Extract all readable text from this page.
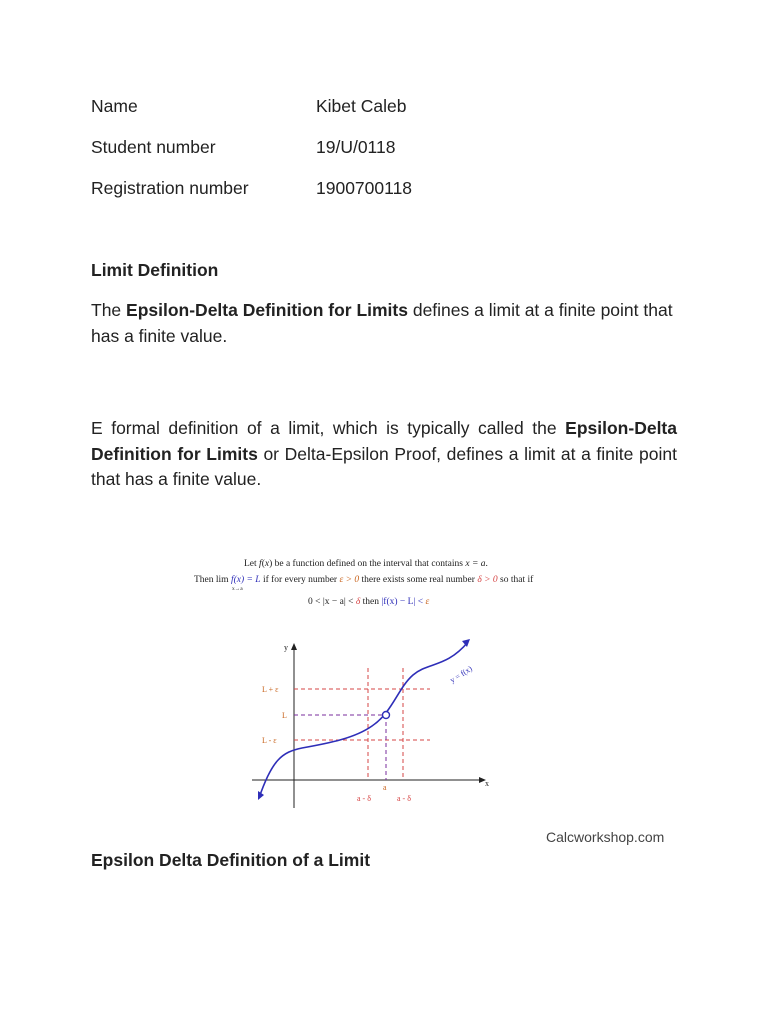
Name	Kibet Caleb
Student number	19/U/0118
Registration number	1900700118
Limit Definition
The Epsilon-Delta Definition for Limits defines a limit at a finite point that has a finite value.
E formal definition of a limit, which is typically called the Epsilon-Delta Definition for Limits or Delta-Epsilon Proof, defines a limit at a finite point that has a finite value.
Let f(x) be a function defined on the interval that contains x = a.
Then lim f(x) = L if for every number ε > 0 there exists some real number δ > 0 so that if
x→a
0 < |x − a| < δ then |f(x) − L| < ε
y
x
L + ε
L
L - ε
a
a - δ	a - δ
y = f(x)
Calcworkshop.com
Epsilon Delta Definition of a Limit
